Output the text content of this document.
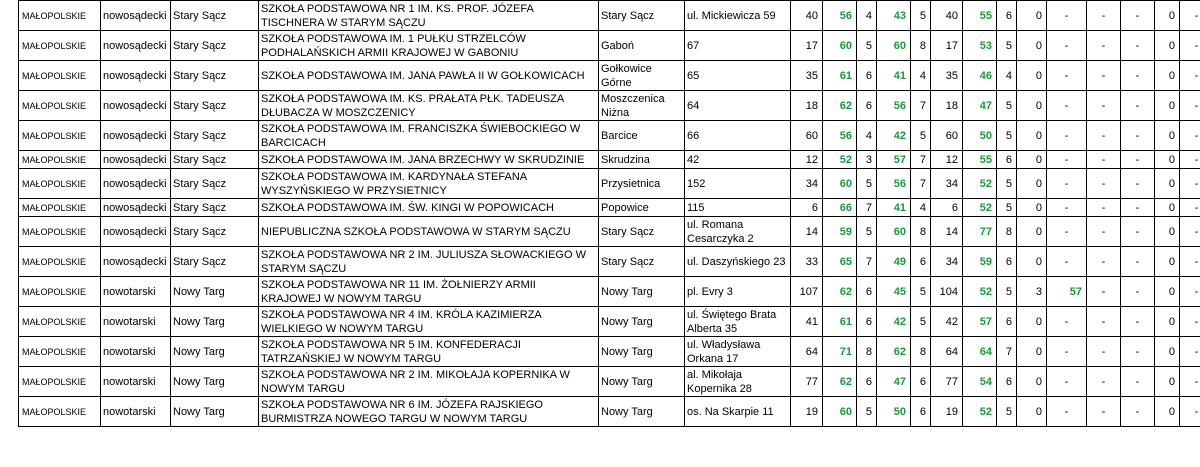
MAŁOPOLSKIE	nowosądecki	Stary Sącz	SZKOŁA PODSTAWOWA NR 1 IM. KS. PROF. JÓZEFA TISCHNERA W STARYM SĄCZU	Stary Sącz	ul. Mickiewicza 59	40	56	4	43	5	40	55	6	0	-	-	-	0	-
MAŁOPOLSKIE	nowosądecki	Stary Sącz	SZKOŁA PODSTAWOWA IM. 1 PUŁKU STRZELCÓW PODHALAŃSKICH ARMII KRAJOWEJ W GABONIU	Gaboń	67	17	60	5	60	8	17	53	5	0	-	-	-	0	-
MAŁOPOLSKIE	nowosądecki	Stary Sącz	SZKOŁA PODSTAWOWA IM. JANA PAWŁA II W GOŁKOWICACH	Gołkowice Górne	65	35	61	6	41	4	35	46	4	0	-	-	-	0	-
MAŁOPOLSKIE	nowosądecki	Stary Sącz	SZKOŁA PODSTAWOWA IM. KS. PRAŁATA PŁK. TADEUSZA DŁUBACZA W MOSZCZENICY	Moszczenica Niżna	64	18	62	6	56	7	18	47	5	0	-	-	-	0	-
MAŁOPOLSKIE	nowosądecki	Stary Sącz	SZKOŁA PODSTAWOWA IM. FRANCISZKA ŚWIEBOCKIEGO W BARCICACH	Barcice	66	60	56	4	42	5	60	50	5	0	-	-	-	0	-
MAŁOPOLSKIE	nowosądecki	Stary Sącz	SZKOŁA PODSTAWOWA IM. JANA BRZECHWY W SKRUDZINIE	Skrudzina	42	12	52	3	57	7	12	55	6	0	-	-	-	0	-
MAŁOPOLSKIE	nowosądecki	Stary Sącz	SZKOŁA PODSTAWOWA IM. KARDYNAŁA STEFANA WYSZYŃSKIEGO W PRZYSIETNICY	Przysietnica	152	34	60	5	56	7	34	52	5	0	-	-	-	0	-
MAŁOPOLSKIE	nowosądecki	Stary Sącz	SZKOŁA PODSTAWOWA IM. ŚW. KINGI W POPOWICACH	Popowice	115	6	66	7	41	4	6	52	5	0	-	-	-	0	-
MAŁOPOLSKIE	nowosądecki	Stary Sącz	NIEPUBLICZNA SZKOŁA PODSTAWOWA W STARYM SĄCZU	Stary Sącz	ul. Romana Cesarczyka 2	14	59	5	60	8	14	77	8	0	-	-	-	0	-
MAŁOPOLSKIE	nowosądecki	Stary Sącz	SZKOŁA PODSTAWOWA NR 2 IM. JULIUSZA SŁOWACKIEGO W STARYM SĄCZU	Stary Sącz	ul. Daszyńskiego 23	33	65	7	49	6	34	59	6	0	-	-	-	0	-
MAŁOPOLSKIE	nowotarski	Nowy Targ	SZKOŁA PODSTAWOWA NR 11 IM. ŻOŁNIERZY ARMII KRAJOWEJ W NOWYM TARGU	Nowy Targ	pl. Evry 3	107	62	6	45	5	104	52	5	3	57	-	-	0	-
MAŁOPOLSKIE	nowotarski	Nowy Targ	SZKOŁA PODSTAWOWA NR 4 IM. KRÓLA KAZIMIERZA WIELKIEGO W NOWYM TARGU	Nowy Targ	ul. Świętego Brata Alberta 35	41	61	6	42	5	42	57	6	0	-	-	-	0	-
MAŁOPOLSKIE	nowotarski	Nowy Targ	SZKOŁA PODSTAWOWA NR 5 IM. KONFEDERACJI TATRZAŃSKIEJ W NOWYM TARGU	Nowy Targ	ul. Władysława Orkana 17	64	71	8	62	8	64	64	7	0	-	-	-	0	-
MAŁOPOLSKIE	nowotarski	Nowy Targ	SZKOŁA PODSTAWOWA NR 2 IM. MIKOŁAJA KOPERNIKA W NOWYM TARGU	Nowy Targ	al. Mikołaja Kopernika 28	77	62	6	47	6	77	54	6	0	-	-	-	0	-
MAŁOPOLSKIE	nowotarski	Nowy Targ	SZKOŁA PODSTAWOWA NR 6 IM. JÓZEFA RAJSKIEGO BURMISTRZA NOWEGO TARGU W NOWYM TARGU	Nowy Targ	os. Na Skarpie 11	19	60	5	50	6	19	52	5	0	-	-	-	0	-
